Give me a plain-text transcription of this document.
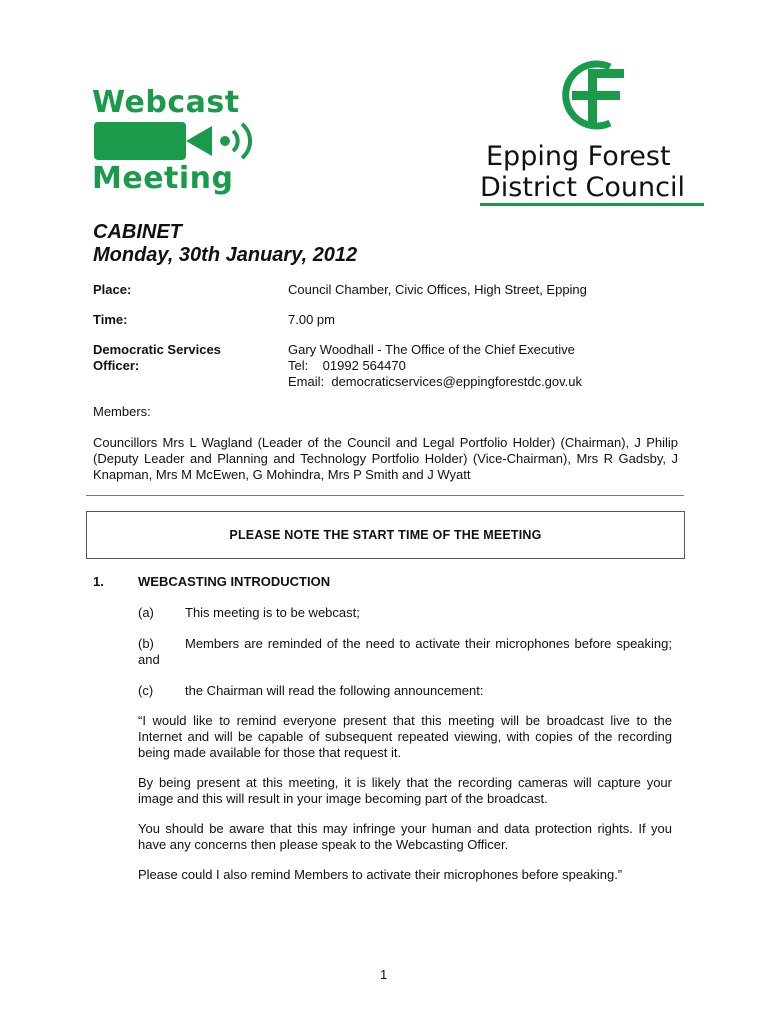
Webcast
Meeting
Epping Forest
District Council
CABINET
Monday, 30th January, 2012
Place:	Council Chamber, Civic Offices, High Street, Epping
Time:	7.00 pm
Democratic Services
Officer:
Gary Woodhall - The Office of the Chief Executive
Tel:    01992 564470
Email:  democraticservices@eppingforestdc.gov.uk
Members:
Councillors Mrs L Wagland (Leader of the Council and Legal Portfolio Holder) (Chairman), J Philip (Deputy Leader and Planning and Technology Portfolio Holder) (Vice-Chairman), Mrs R Gadsby, J Knapman, Mrs M McEwen, G Mohindra, Mrs P Smith and J Wyatt
PLEASE NOTE THE START TIME OF THE MEETING
1.	WEBCASTING INTRODUCTION
(a) This meeting is to be webcast;
(b) Members are reminded of the need to activate their microphones before speaking; and
(c) the Chairman will read the following announcement:
“I would like to remind everyone present that this meeting will be broadcast live to the Internet and will be capable of subsequent repeated viewing, with copies of the recording being made available for those that request it.
By being present at this meeting, it is likely that the recording cameras will capture your image and this will result in your image becoming part of the broadcast.
You should be aware that this may infringe your human and data protection rights. If you have any concerns then please speak to the Webcasting Officer.
Please could I also remind Members to activate their microphones before speaking.”
1
